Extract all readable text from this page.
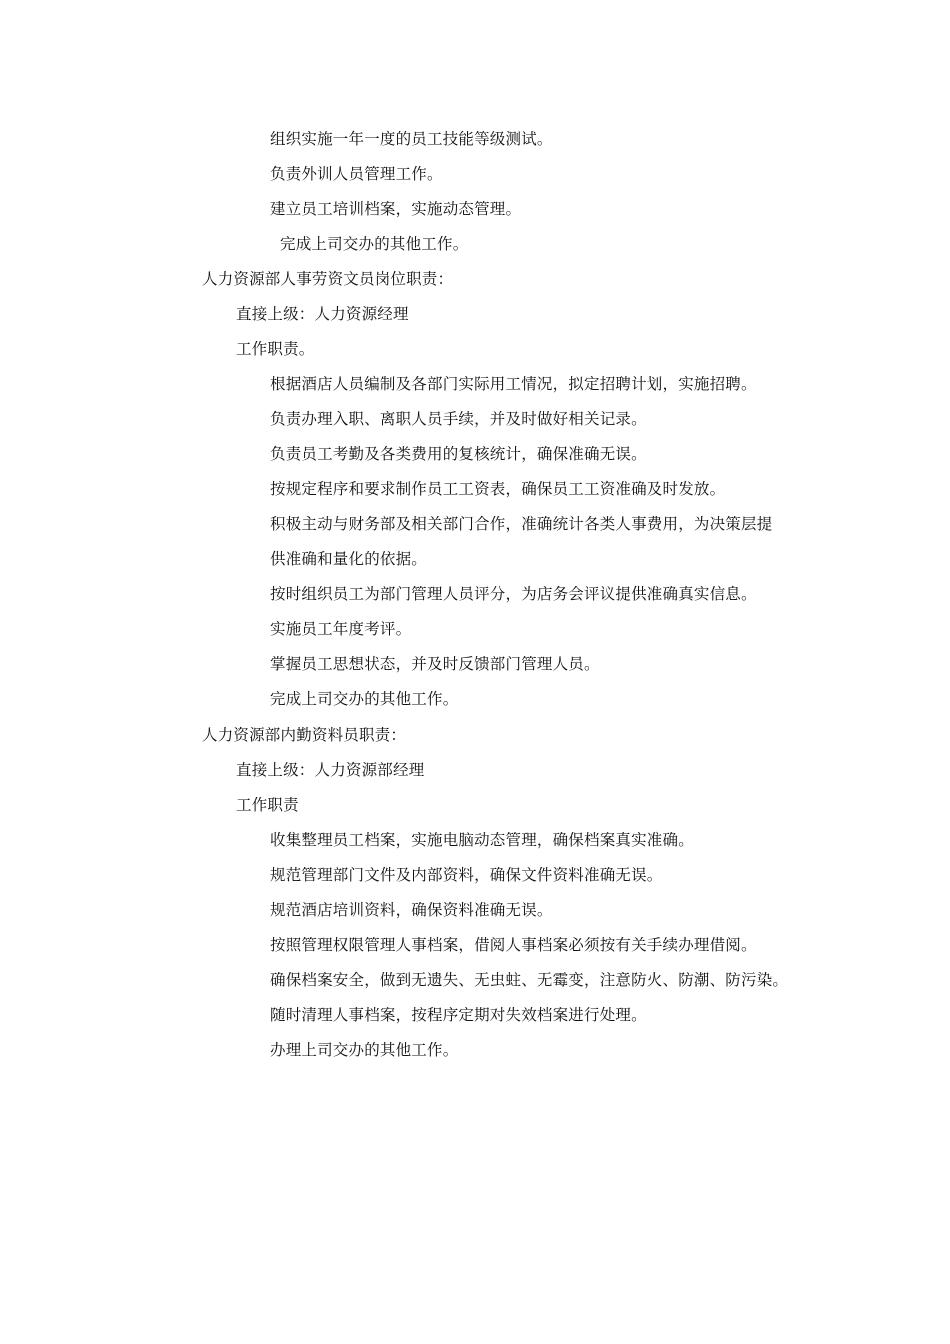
组织实施一年一度的员工技能等级测试。
负责外训人员管理工作。
建立员工培训档案，实施动态管理。
完成上司交办的其他工作。
人力资源部人事劳资文员岗位职责：
直接上级：人力资源经理
工作职责。
根据酒店人员编制及各部门实际用工情况，拟定招聘计划，实施招聘。
负责办理入职、离职人员手续，并及时做好相关记录。
负责员工考勤及各类费用的复核统计，确保准确无误。
按规定程序和要求制作员工工资表，确保员工工资准确及时发放。
积极主动与财务部及相关部门合作，准确统计各类人事费用，为决策层提
供准确和量化的依据。
按时组织员工为部门管理人员评分，为店务会评议提供准确真实信息。
实施员工年度考评。
掌握员工思想状态，并及时反馈部门管理人员。
完成上司交办的其他工作。
人力资源部内勤资料员职责：
直接上级：人力资源部经理
工作职责
收集整理员工档案，实施电脑动态管理，确保档案真实准确。
规范管理部门文件及内部资料，确保文件资料准确无误。
规范酒店培训资料，确保资料准确无误。
按照管理权限管理人事档案，借阅人事档案必须按有关手续办理借阅。
确保档案安全，做到无遗失、无虫蛀、无霉变，注意防火、防潮、防污染。
随时清理人事档案，按程序定期对失效档案进行处理。
办理上司交办的其他工作。
